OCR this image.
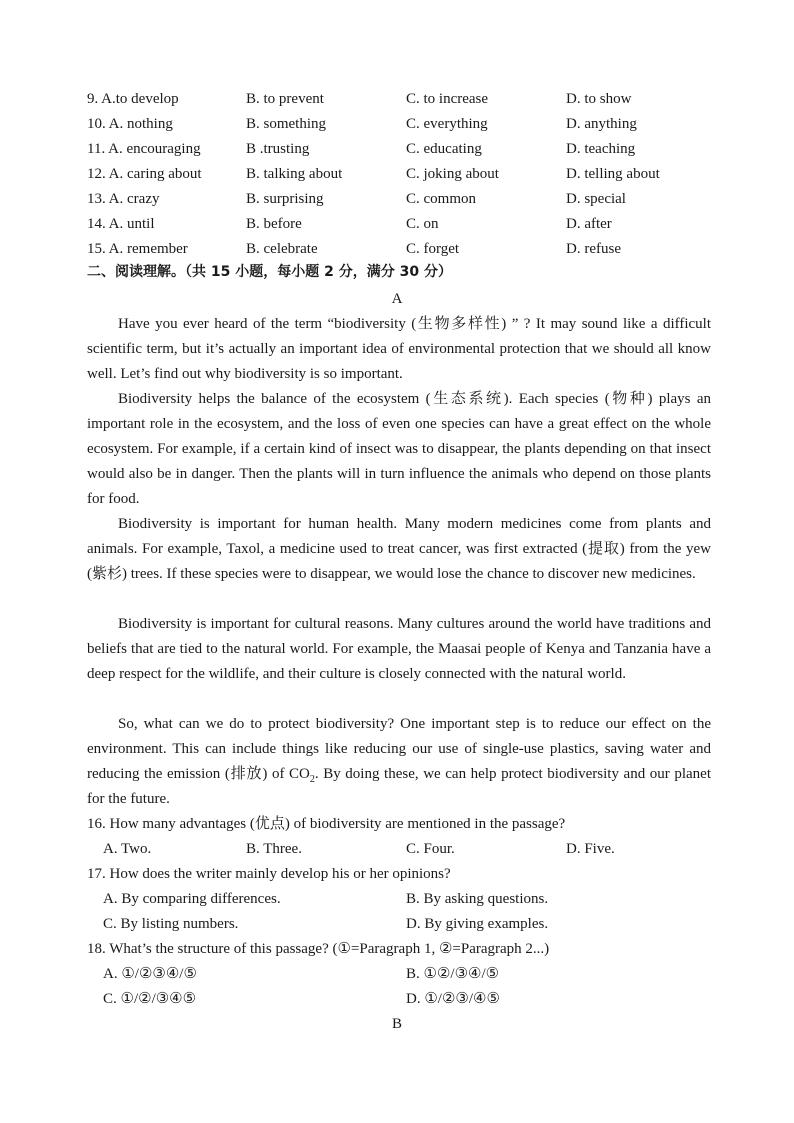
9. A.to develop	B. to prevent	C. to increase	D. to show
10. A. nothing	B. something	C. everything	D. anything
11. A. encouraging	B .trusting	C. educating	D. teaching
12. A. caring about	B. talking about	C. joking about	D. telling about
13. A. crazy	B. surprising	C. common	D. special
14. A. until	B. before	C. on	D. after
15. A. remember	B. celebrate	C. forget	D. refuse
二、阅读理解。（共 15 小题，每小题 2 分，满分 30 分）
A

Have you ever heard of the term “biodiversity (生物多样性) ” ? It may sound like a difficult scientific term, but it’s actually an important idea of environmental protection that we should all know well. Let’s find out why biodiversity is so important.

Biodiversity helps the balance of the ecosystem (生态系统). Each species (物种) plays an important role in the ecosystem, and the loss of even one species can have a great effect on the whole ecosystem. For example, if a certain kind of insect was to disappear, the plants depending on that insect would also be in danger. Then the plants will in turn influence the animals who depend on those plants for food.

Biodiversity is important for human health. Many modern medicines come from plants and animals. For example, Taxol, a medicine used to treat cancer, was first extracted (提取) from the yew (紫杉) trees. If these species were to disappear, we would lose the chance to discover new medicines.

Biodiversity is important for cultural reasons. Many cultures around the world have traditions and beliefs that are tied to the natural world. For example, the Maasai people of Kenya and Tanzania have a deep respect for the wildlife, and their culture is closely connected with the natural world.

So, what can we do to protect biodiversity? One important step is to reduce our effect on the environment. This can include things like reducing our use of single-use plastics, saving water and reducing the emission (排放) of $CO_2$. By doing these, we can help protect biodiversity and our planet for the future.

16. How many advantages (优点) of biodiversity are mentioned in the passage?
A. Two.	B. Three.	C. Four.	D. Five.
17. How does the writer mainly develop his or her opinions?
A. By comparing differences.	B. By asking questions.
C. By listing numbers.	D. By giving examples.
18. What’s the structure of this passage? (①=Paragraph 1, ②=Paragraph 2...)
A. ①/②③④/⑤	B. ①②/③④/⑤
C. ①/②/③④⑤	D. ①/②③/④⑤
B
